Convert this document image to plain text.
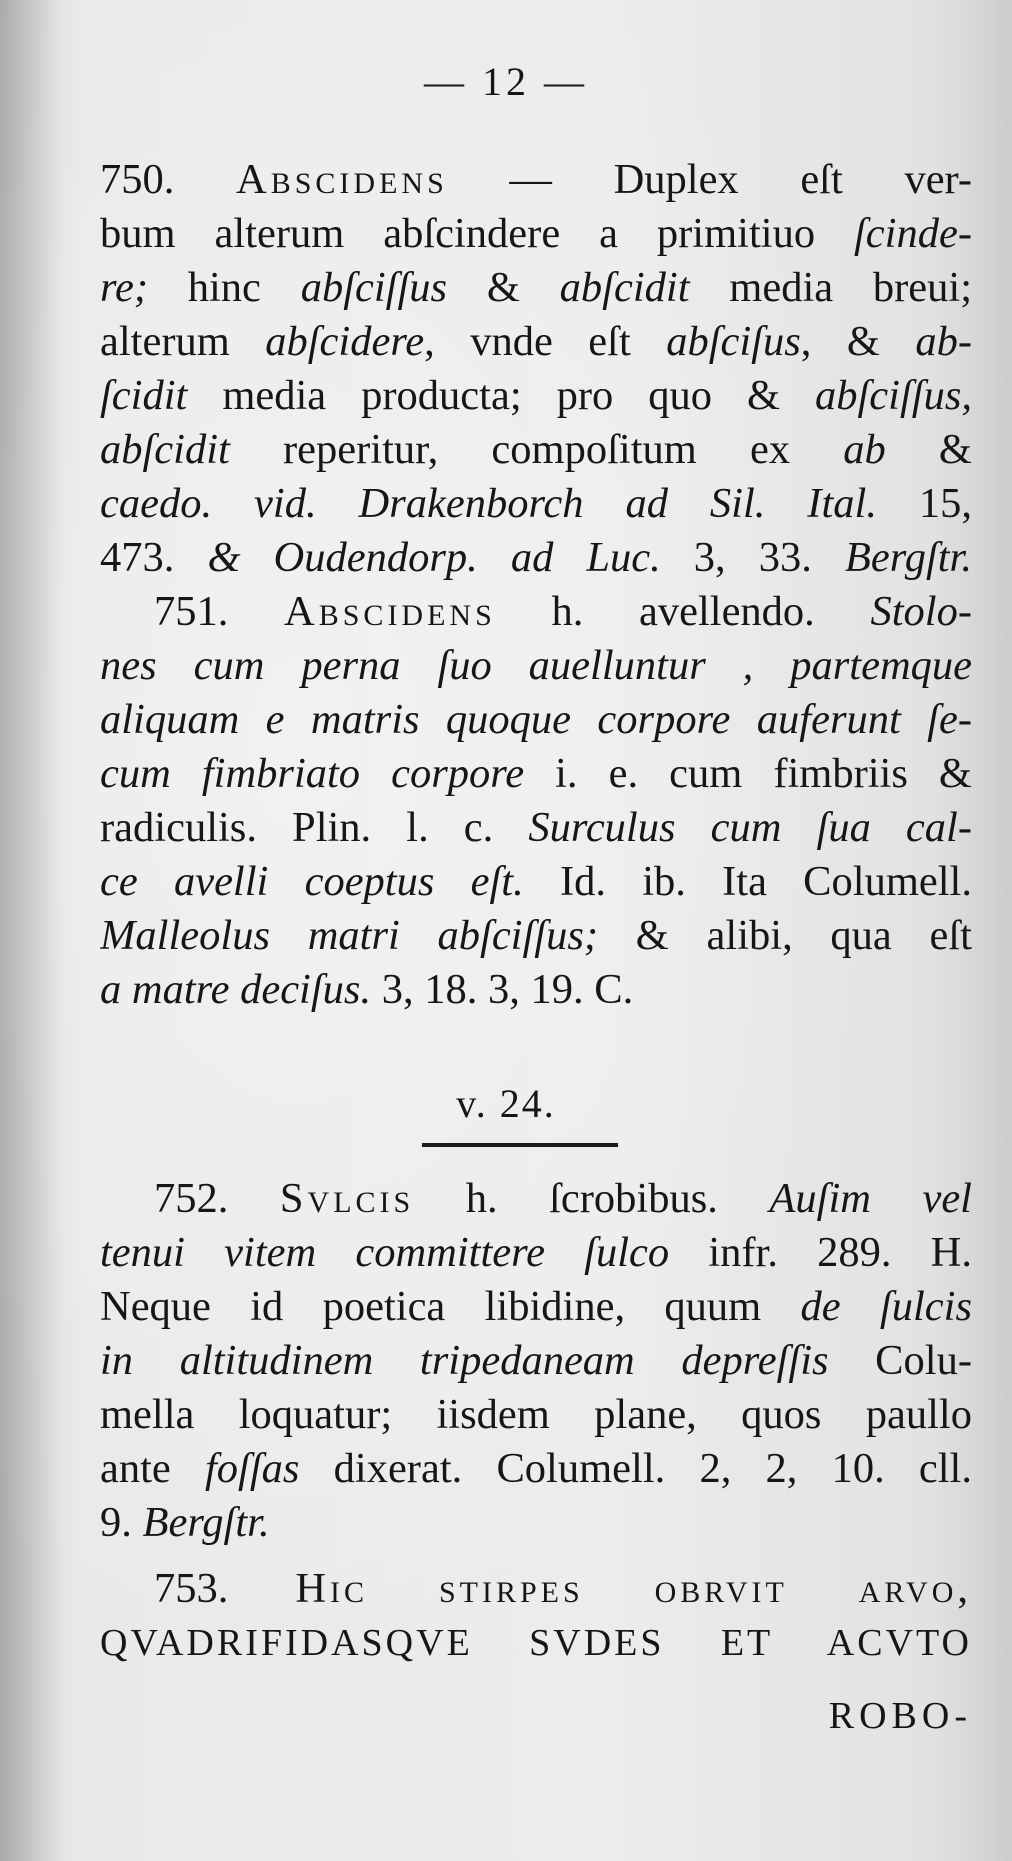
— 12 —
750. Abscidens — Duplex eſt ver-
bum alterum abſcindere a primitiuo ſcinde-
re; hinc abſciſſus & abſcidit media breui;
alterum abſcidere, vnde eſt abſciſus, & ab-
ſcidit media producta; pro quo & abſciſſus,
abſcidit reperitur, compoſitum ex ab &
caedo. vid. Drakenborch ad Sil. Ital. 15,
473. & Oudendorp. ad Luc. 3, 33. Bergſtr.
751. Abscidens h. avellendo. Stolo-
nes cum perna ſuo auelluntur , partemque
aliquam e matris quoque corpore auferunt ſe-
cum fimbriato corpore i. e. cum fimbriis &
radiculis. Plin. l. c. Surculus cum ſua cal-
ce avelli coeptus eſt. Id. ib. Ita Columell.
Malleolus matri abſciſſus; & alibi, qua eſt
a matre deciſus. 3, 18. 3, 19. C.
v. 24.
752. Svlcis h. ſcrobibus. Auſim vel
tenui vitem committere ſulco infr. 289. H.
Neque id poetica libidine, quum de ſulcis
in altitudinem tripedaneam depreſſis Colu-
mella loquatur; iisdem plane, quos paullo
ante foſſas dixerat. Columell. 2, 2, 10. cll.
9. Bergſtr.
753. Hic stirpes obrvit arvo,
QVADRIFIDASQVE SVDES ET ACVTO
ROBO-
